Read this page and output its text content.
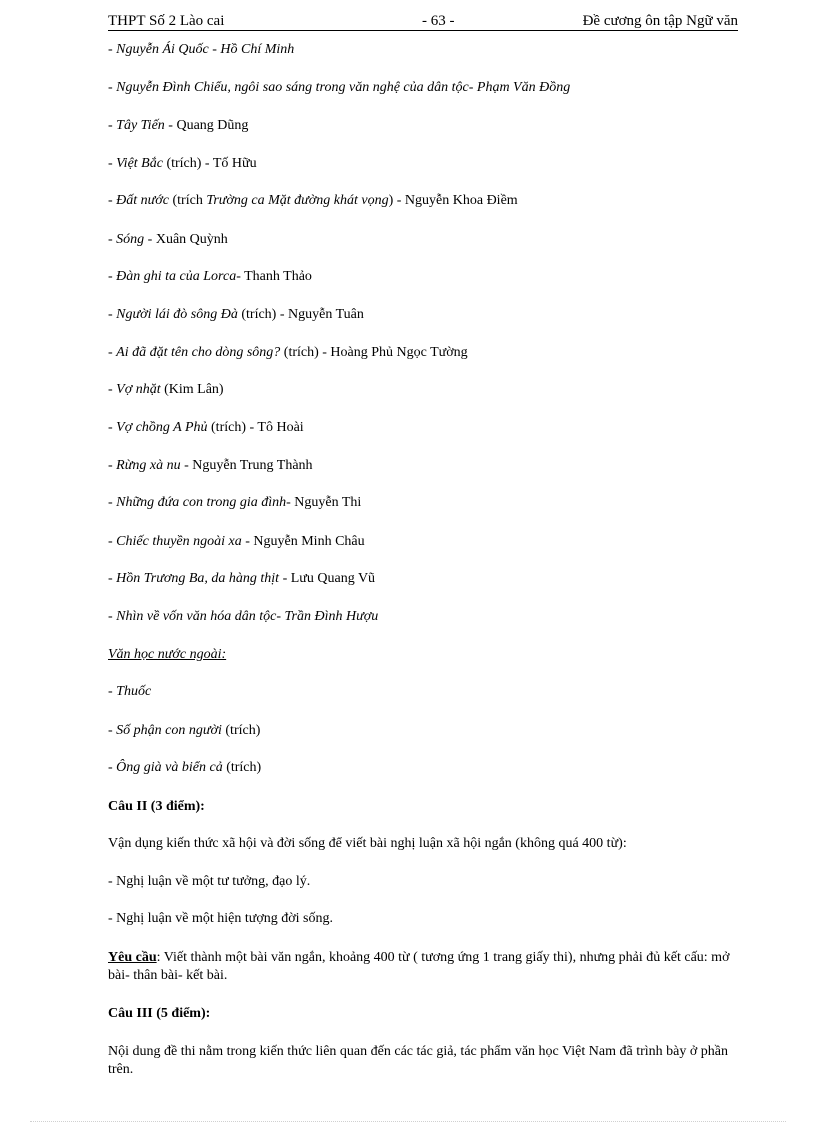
THPT Số 2 Lào cai	- 63 -	Đề cương ôn tập Ngữ văn
- Nguyễn Ái Quốc - Hồ Chí Minh
- Nguyễn Đình Chiểu, ngôi sao sáng trong văn nghệ của dân tộc- Phạm Văn Đồng
- Tây Tiến - Quang Dũng
- Việt Bắc (trích) - Tố Hữu
- Đất nước (trích Trường ca Mặt đường khát vọng) - Nguyễn Khoa Điềm
- Sóng - Xuân Quỳnh
- Đàn ghi ta của Lorca- Thanh Thảo
- Người lái đò sông Đà (trích) - Nguyễn Tuân
- Ai đã đặt tên cho dòng sông? (trích) - Hoàng Phủ Ngọc Tường
- Vợ nhặt (Kim Lân)
- Vợ chồng A Phủ (trích) - Tô Hoài
- Rừng xà nu - Nguyễn Trung Thành
- Những đứa con trong gia đình- Nguyễn Thi
- Chiếc thuyền ngoài xa - Nguyễn Minh Châu
- Hồn Trương Ba, da hàng thịt - Lưu Quang Vũ
- Nhìn về vốn văn hóa dân tộc- Trần Đình Hượu
Văn học nước ngoài:
- Thuốc
- Số phận con người (trích)
- Ông già và biển cả (trích)
Câu II (3 điểm):
Vận dụng kiến thức xã hội và đời sống để viết bài nghị luận xã hội ngắn (không quá 400 từ):
- Nghị luận về một tư tưởng, đạo lý.
- Nghị luận về một hiện tượng đời sống.
Yêu cầu: Viết thành một bài văn ngắn, khoảng 400 từ ( tương ứng 1 trang giấy thi), nhưng phải đủ kết cấu: mở bài- thân bài- kết bài.
Câu III (5 điểm):
Nội dung đề thi nằm trong kiến thức liên quan đến các tác giả, tác phẩm văn học Việt Nam đã trình bày ở phần trên.
